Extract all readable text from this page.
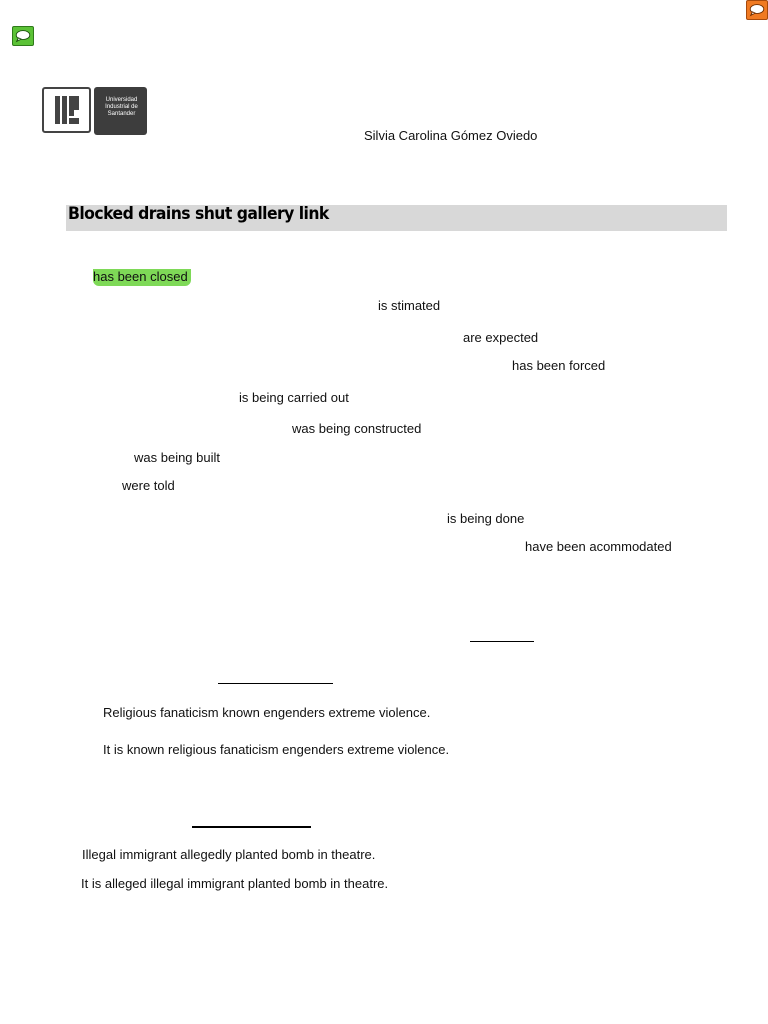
Universidad
Industrial de
Santander
Silvia Carolina Gómez Oviedo
Blocked drains shut gallery link
has been closed
is stimated
are expected
has been forced
is being carried out
was being constructed
was being built
were told
is being done
have been acommodated
Religious fanaticism known engenders extreme violence.
It is known religious fanaticism engenders extreme violence.
Illegal immigrant allegedly planted bomb in theatre.
It is alleged illegal immigrant planted bomb in theatre.
